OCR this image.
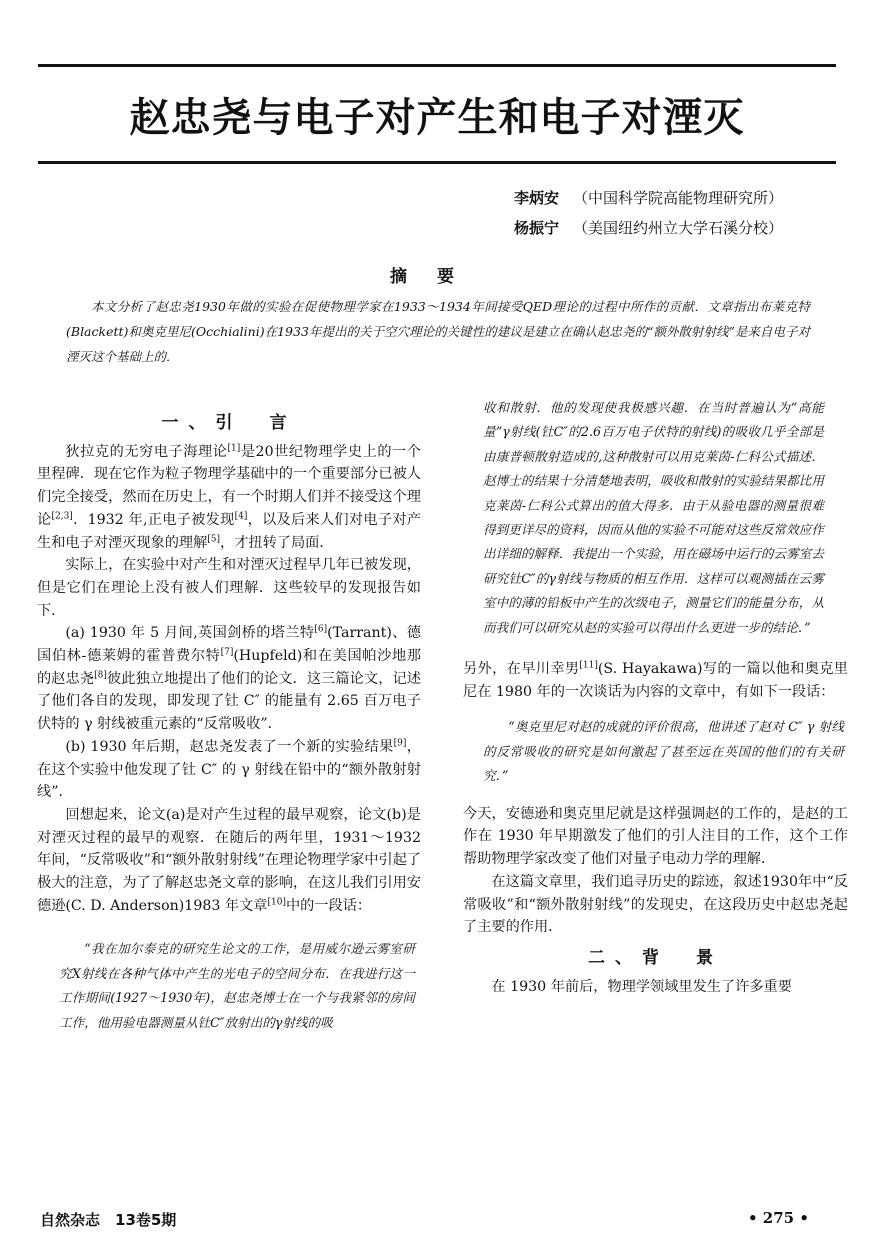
赵忠尧与电子对产生和电子对湮灭
李炳安 （中国科学院高能物理研究所）
杨振宁 （美国纽约州立大学石溪分校）
摘要
本文分析了赵忠尧1930年做的实验在促使物理学家在1933～1934年间接受QED理论的过程中所作的贡献．文章指出布莱克特(Blackett)和奥克里尼(Occhialini)在1933年提出的关于空穴理论的关键性的建议是建立在确认赵忠尧的“额外散射射线”是来自电子对湮灭这个基础上的．
一、引　言

狄拉克的无穷电子海理论[1]是20世纪物理学史上的一个里程碑．现在它作为粒子物理学基础中的一个重要部分已被人们完全接受，然而在历史上，有一个时期人们并不接受这个理论[2,3]．1932 年,正电子被发现[4]，以及后来人们对电子对产生和电子对湮灭现象的理解[5]，才扭转了局面．

实际上，在实验中对产生和对湮灭过程早几年已被发现，但是它们在理论上没有被人们理解．这些较早的发现报告如下．

(a) 1930 年 5 月间,英国剑桥的塔兰特[6](Tarrant)、德国伯林-德莱姆的霍普费尔特[7](Hupfeld)和在美国帕沙地那的赵忠尧[8]彼此独立地提出了他们的论文．这三篇论文，记述了他们各自的发现，即发现了钍 C″ 的能量有 2.65 百万电子伏特的 γ 射线被重元素的“反常吸收”．

(b) 1930 年后期，赵忠尧发表了一个新的实验结果[9]，在这个实验中他发现了钍 C″ 的 γ 射线在铅中的“额外散射射线”．

回想起来，论文(a)是对产生过程的最早观察，论文(b)是对湮灭过程的最早的观察．在随后的两年里，1931～1932 年间，“反常吸收”和“额外散射射线”在理论物理学家中引起了极大的注意，为了了解赵忠尧文章的影响，在这儿我们引用安德逊(C. D. Anderson)1983 年文章[10]中的一段话：

“我在加尔泰克的研究生论文的工作，是用威尔逊云雾室研究X射线在各种气体中产生的光电子的空间分布．在我进行这一工作期间(1927～1930年)，赵忠尧博士在一个与我紧邻的房间工作，他用验电器测量从钍C″放射出的γ射线的吸

收和散射．他的发现使我极感兴趣．在当时普遍认为“高能量”γ射线(钍C″的2.6百万电子伏特的射线)的吸收几乎全部是由康普顿散射造成的,这种散射可以用克莱茵-仁科公式描述．赵博士的结果十分清楚地表明，吸收和散射的实验结果都比用克莱茵-仁科公式算出的值大得多．由于从验电器的测量很难得到更详尽的资料，因而从他的实验不可能对这些反常效应作出详细的解释．我提出一个实验，用在磁场中运行的云雾室去研究钍C″的γ射线与物质的相互作用．这样可以观测插在云雾室中的薄的铅板中产生的次级电子，测量它们的能量分布，从而我们可以研究从赵的实验可以得出什么更进一步的结论．”

另外，在早川幸男[11](S. Hayakawa)写的一篇以他和奥克里尼在 1980 年的一次谈话为内容的文章中，有如下一段话：

“奥克里尼对赵的成就的评价很高，他讲述了赵对 C″ γ 射线的反常吸收的研究是如何激起了甚至远在英国的他们的有关研究．”

今天，安德逊和奥克里尼就是这样强调赵的工作的，是赵的工作在 1930 年早期激发了他们的引人注目的工作，这个工作帮助物理学家改变了他们对量子电动力学的理解．

在这篇文章里，我们追寻历史的踪迹，叙述1930年中“反常吸收”和“额外散射射线”的发现史，在这段历史中赵忠尧起了主要的作用．

二、背　景

在 1930 年前后，物理学领域里发生了许多重要

自然杂志　13卷5期	• 275 •
